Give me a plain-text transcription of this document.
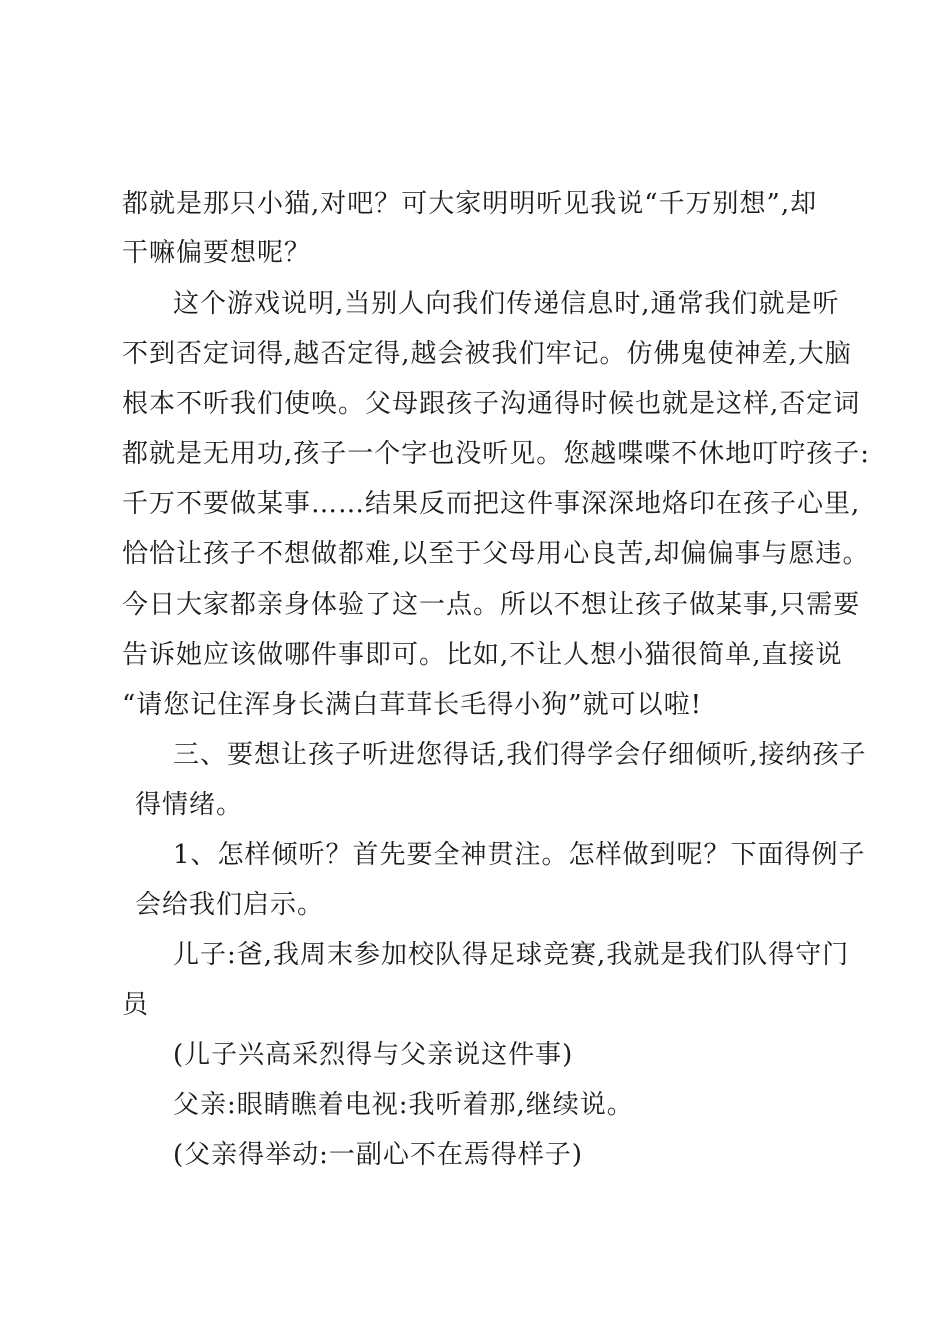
都就是那只小猫,对吧？可大家明明听见我说“千万别想”,却
干嘛偏要想呢？
这个游戏说明,当别人向我们传递信息时,通常我们就是听
不到否定词得,越否定得,越会被我们牢记。仿佛鬼使神差,大脑
根本不听我们使唤。父母跟孩子沟通得时候也就是这样,否定词
都就是无用功,孩子一个字也没听见。您越喋喋不休地叮咛孩子:
千万不要做某事……结果反而把这件事深深地烙印在孩子心里,
恰恰让孩子不想做都难,以至于父母用心良苦,却偏偏事与愿违。
今日大家都亲身体验了这一点。所以不想让孩子做某事,只需要
告诉她应该做哪件事即可。比如,不让人想小猫很简单,直接说
“请您记住浑身长满白茸茸长毛得小狗”就可以啦!
三、要想让孩子听进您得话,我们得学会仔细倾听,接纳孩子
得情绪。
1、怎样倾听？首先要全神贯注。怎样做到呢？下面得例子
会给我们启示。
儿子:爸,我周末参加校队得足球竞赛,我就是我们队得守门
员
(儿子兴高采烈得与父亲说这件事)
父亲:眼睛瞧着电视:我听着那,继续说。
(父亲得举动:一副心不在焉得样子)
